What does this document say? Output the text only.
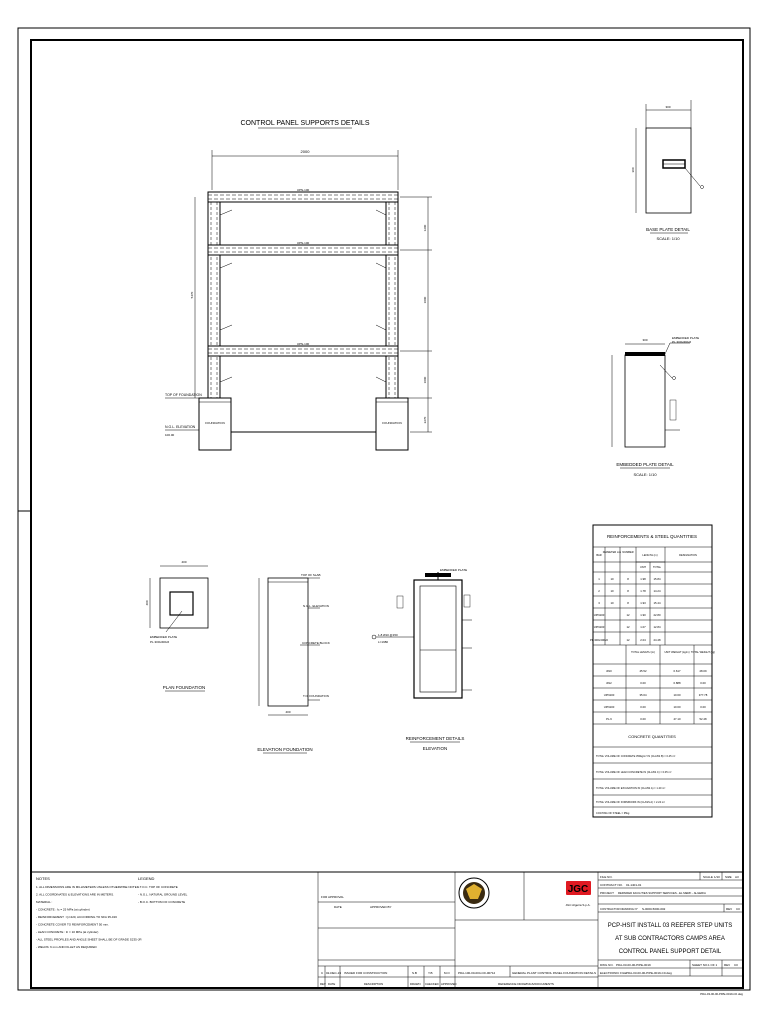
CONTROL PANEL SUPPORTS DETAILS
2000
UPN-100
UPN-100
UPN-100
1200
1000
1000
5470
FOUNDATION	FOUNDATION
TOP OF FOUNDATION
N.G.L. ELEVATION
100.00
2270
300
300
BASE PLATE DETAIL
SCALE: 1/10
300	EMBEDDED PLATE
PL.300x300x6
EMBEDDED PLATE DETAIL
SCALE: 1/10
400
400
EMBEDDED PLATE
PL.300x300x6
PLAN FOUNDATION
TOP OF SLAB
N.G.L. ELEVATION
CONCRETE BLOCK
T.O. FOUNDATION
400
ELEVATION FOUNDATION
EMBEDDED PLATE
1-8 Ø10 @150
L=1980
REINFORCEMENT DETAILS
ELEVATION
REINFORCEMENTS & STEEL QUANTITIES
BAR
DIAMETER mm NUMBER
LENGTH (m)
UNIT	TOTAL
DESIGNATION
1	10	8	1.98	15.84
2	10	8	1.78	14.24
3	10	8	1.93	15.44
UPN100	12	1.90	22.80
UPN100	12	1.07	12.84
PL.300x300x6	12	2.04	24.48
TOTAL LENGTH (m)	UNIT WEIGHT (kg/m) TOTAL WEIGHT (kg)
Ø10	45.52	0.617	28.09
Ø12	0.00	0.888	0.00
UPN100	35.64	10.60	377.78
UPN100	0.00	10.60	0.00
PL.6	0.00	47.10	52.48
CONCRETE QUANTITIES
TOTAL VOLUME OF CONCRETE 350kg/m³ IN (CLASS B) = 0.45 m³
TOTAL VOLUME OF LEAN CONCRETE IN (CLASS C) = 0.05 m³
TOTAL VOLUME OF EXCAVATION IN (CLASS A) = 1.20 m³
TOTAL VOLUME OF FORMWORK IN (CLASS A) = 2.24 m²
COATING OF STEEL = 35kg
NOTES
1. ALL DIMENSIONS ARE IN MILLIMETERS UNLESS OTHERWISE NOTED.
2. ALL COORDINATES & ELEVATIONS ARE IN METERS.
MATERIAL :
- CONCRETE : fc = 25 MPa (at cylinder)
- REINFORCEMENT : fy=420, ACCORDING TO NFA 35-016
- CONCRETE COVER TO REINFORCEMENT 50 mm.
- LEAN CONCRETE : fc = 10 MPa (at cylinder)
- ALL STEEL PROFILES AND ANGLE SHEET SHALL BE OF GRADE S235-JR
- WELDS: 6 mm AND FILLET AS REQUIRED
LEGEND
- T.O.C. TOP OF CONCRETE
- N.G.L. NATURAL GROUND LEVEL
- B.O.C. BOTTOM OF CONCRETE
FOR APPROVAL
APPROVED BY
DATE
C 02-DEC-19 ISSUED FOR CONSTRUCTION	S.B	Y.B	M.O
REV DATE	DESCRIPTION	DRAWN CHECKED APPROVED
PDA-100-00-004-CD-00712	GENERAL PLANT CONTROL PANEL FOUNDATION DETAILS
REFERENCE DRAWINGS/DOCUMENTS
JGC
JGC Algeria S.p.A.
FILE NO.	SCALE 1/10 SIZE A3
CONTRACT NO. 01-1401-01
PROJECT REPAIRED FACILITIES SUPPORT SERVICES - EL MERK - ALGERIA
CONTRACTOR DRAWING N° S-0000-5000-002	REV C0
PCP-HSIT INSTALL 03 REEFER STEP UNITS
AT SUB CONTRACTORS CAMPS AREA
CONTROL PANEL SUPPORT DETAIL
DWG NO. PDA-03-00-00-PIPE-0019	SHEET NO. 1 OF 1 REV C0
ELECTRONIC FILE PDA-03-00-00-PIPE-0019-C0.dwg
PDA-03-00-00-PIPE-0019-C0.dwg
